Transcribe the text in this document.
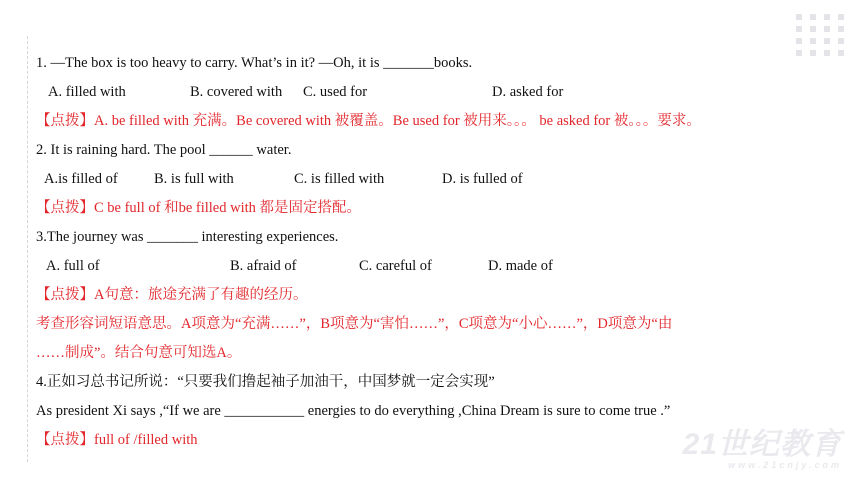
1. —The box is too heavy to carry. What’s in it? —Oh, it is _______books.
A. filled with	B. covered with C. used for	D. asked for
【点拨】A. be filled with 充满。Be covered with 被覆盖。Be used for 被用来。。。 be asked for 被。。。要求。
2. It is raining hard. The pool ______ water.
A.is filled of	B. is full with	C. is filled with	D. is fulled of
【点拨】C be full of 和be filled with 都是固定搭配。
3.The journey was _______ interesting experiences.
A. full of	B. afraid of	C. careful of	D. made of
【点拨】A句意：旅途充满了有趣的经历。
考查形容词短语意思。A项意为“充满……”，B项意为“害怕……”，C项意为“小心……”，D项意为“由
……制成”。结合句意可知选A。
4.正如习总书记所说：“只要我们撸起袖子加油干，中国梦就一定会实现”
As president Xi says ,“If we are ___________ energies to do everything ,China Dream is sure to come true .”
【点拨】full of /filled with	21世纪教育
www.21cnjy.com
